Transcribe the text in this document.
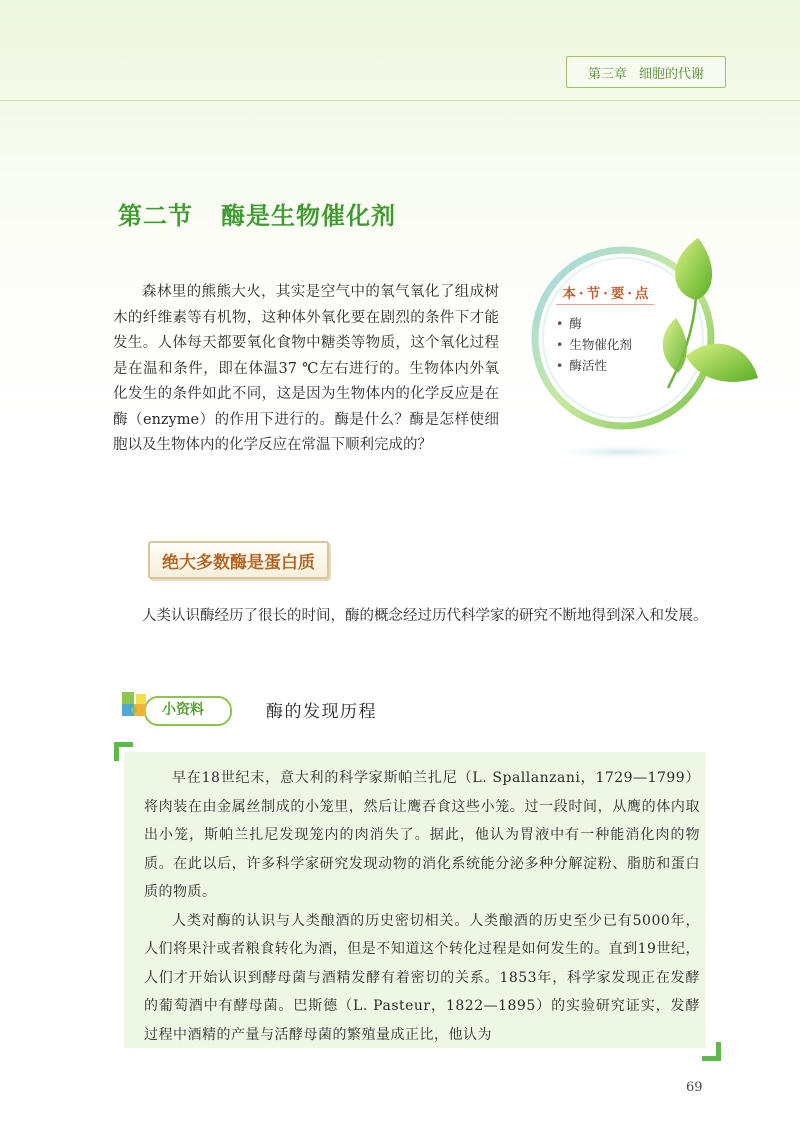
第三章 细胞的代谢
第二节 酶是生物催化剂
森林里的熊熊大火，其实是空气中的氧气氧化了组成树木的纤维素等有机物，这种体外氧化要在剧烈的条件下才能发生。人体每天都要氧化食物中糖类等物质，这个氧化过程是在温和条件，即在体温37 ℃左右进行的。生物体内外氧化发生的条件如此不同，这是因为生物体内的化学反应是在酶（enzyme）的作用下进行的。酶是什么？酶是怎样使细胞以及生物体内的化学反应在常温下顺利完成的？
本·节·要·点
• 酶
• 生物催化剂
• 酶活性
绝大多数酶是蛋白质
人类认识酶经历了很长的时间，酶的概念经过历代科学家的研究不断地得到深入和发展。
小资料	酶的发现历程

早在18世纪末，意大利的科学家斯帕兰扎尼（L. Spallanzani，1729—1799）将肉装在由金属丝制成的小笼里，然后让鹰吞食这些小笼。过一段时间，从鹰的体内取出小笼，斯帕兰扎尼发现笼内的肉消失了。据此，他认为胃液中有一种能消化肉的物质。在此以后，许多科学家研究发现动物的消化系统能分泌多种分解淀粉、脂肪和蛋白质的物质。

人类对酶的认识与人类酿酒的历史密切相关。人类酿酒的历史至少已有5000年，人们将果汁或者粮食转化为酒，但是不知道这个转化过程是如何发生的。直到19世纪，人们才开始认识到酵母菌与酒精发酵有着密切的关系。1853年，科学家发现正在发酵的葡萄酒中有酵母菌。巴斯德（L. Pasteur，1822—1895）的实验研究证实，发酵过程中酒精的产量与活酵母菌的繁殖量成正比，他认为

69
